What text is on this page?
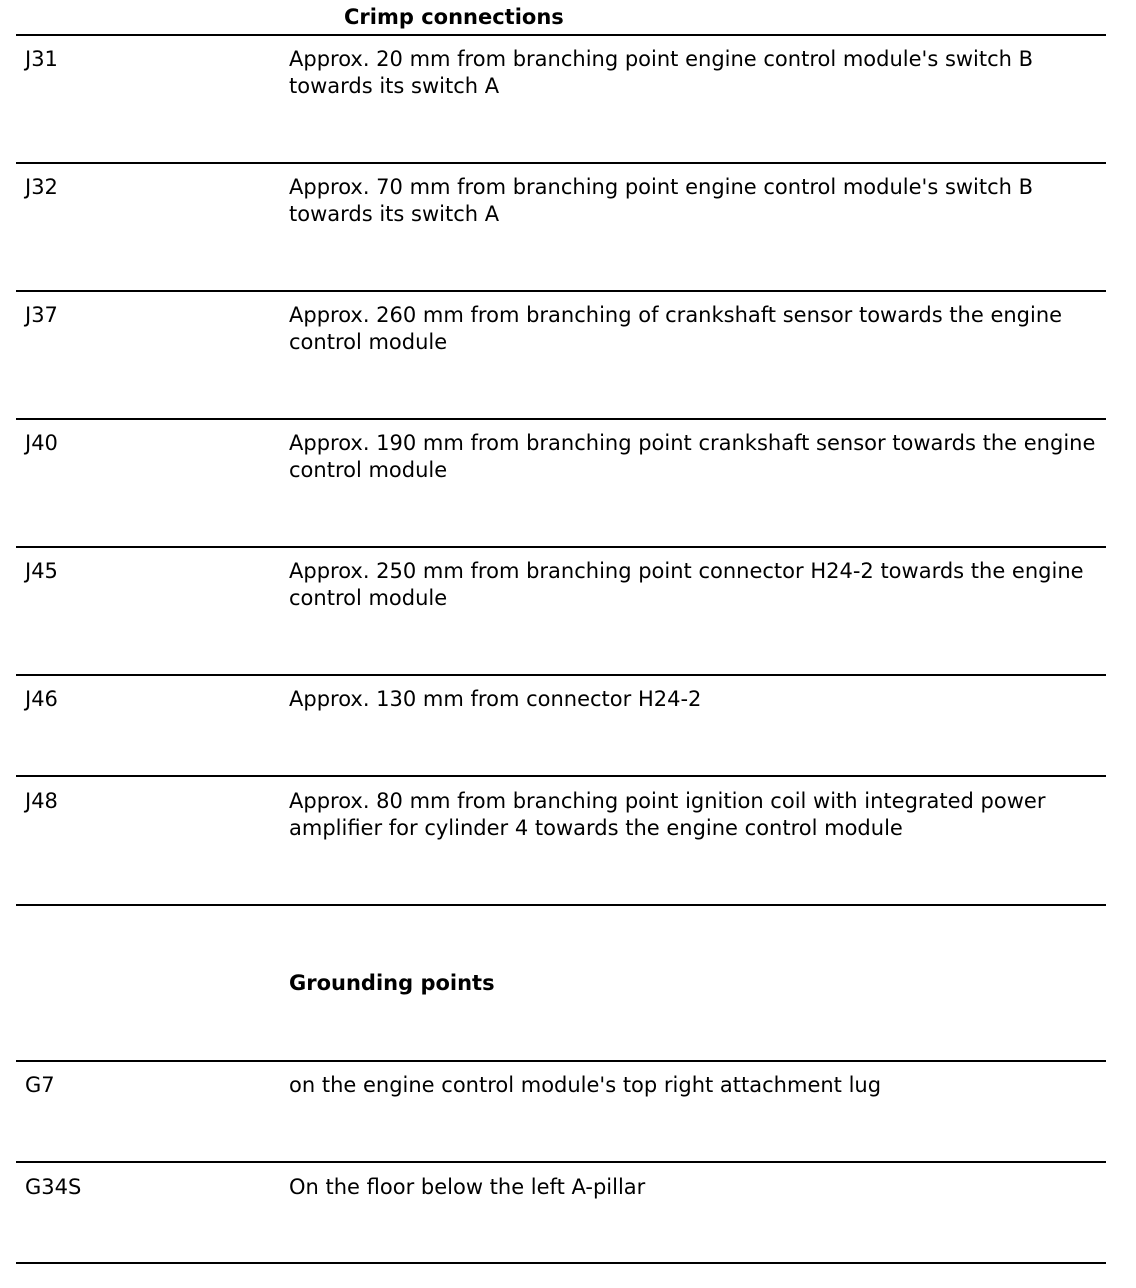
Crimp connections
J31	Approx. 20 mm from branching point engine control module's switch B towards its switch A
J32	Approx. 70 mm from branching point engine control module's switch B towards its switch A
J37	Approx. 260 mm from branching of crankshaft sensor towards the engine control module
J40	Approx. 190 mm from branching point crankshaft sensor towards the engine control module
J45	Approx. 250 mm from branching point connector H24-2 towards the engine control module
J46	Approx. 130 mm from connector H24-2
J48	Approx. 80 mm from branching point ignition coil with integrated power amplifier for cylinder 4 towards the engine control module
Grounding points
G7	on the engine control module's top right attachment lug
G34S	On the floor below the left A-pillar
